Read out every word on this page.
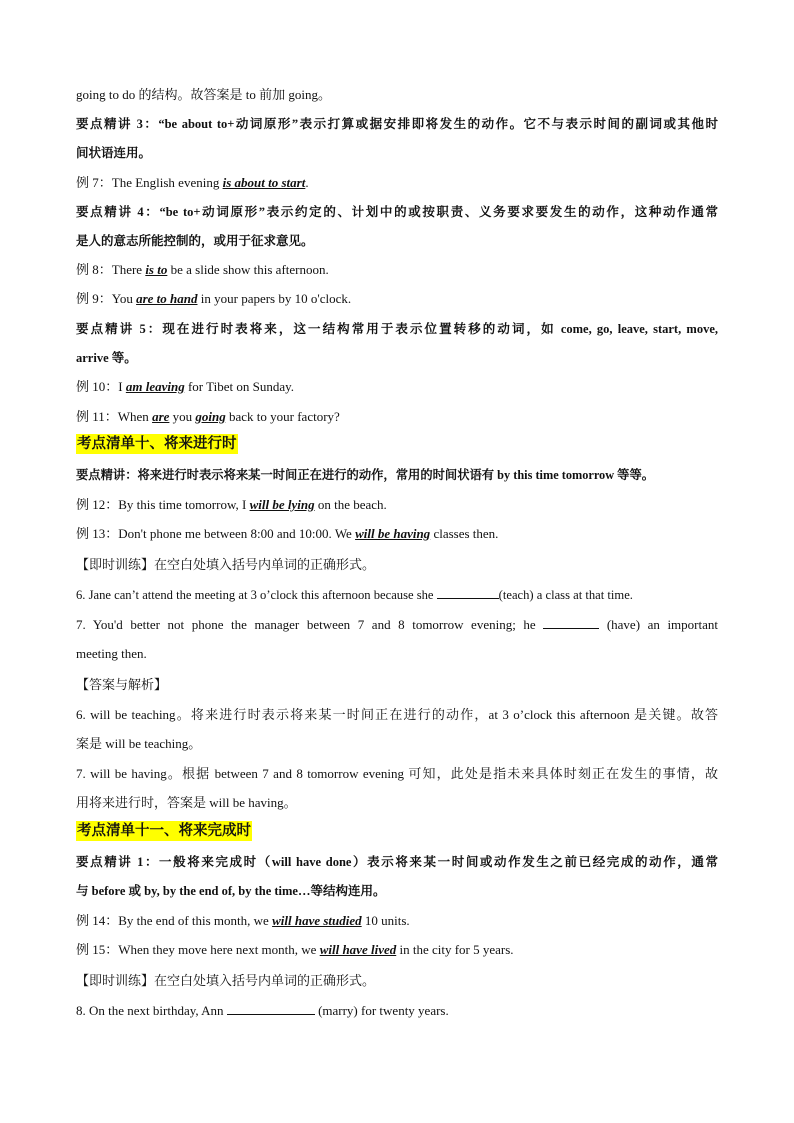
going to do 的结构。故答案是 to 前加 going。
要点精讲 3：“be about to+动词原形”表示打算或据安排即将发生的动作。它不与表示时间的副词或其他时
间状语连用。
例 7：The English evening is about to start.
要点精讲 4：“be to+动词原形”表示约定的、计划中的或按职责、义务要求要发生的动作，这种动作通常
是人的意志所能控制的，或用于征求意见。
例 8：There is to be a slide show this afternoon.
例 9：You are to hand in your papers by 10 o'clock.
要点精讲 5：现在进行时表将来，这一结构常用于表示位置转移的动词，如 come, go, leave, start, move,
arrive 等。
例 10：I am leaving for Tibet on Sunday.
例 11：When are you going back to your factory?
考点清单十、将来进行时
要点精讲：将来进行时表示将来某一时间正在进行的动作，常用的时间状语有 by this time tomorrow 等等。
例 12：By this time tomorrow, I will be lying on the beach.
例 13：Don't phone me between 8:00 and 10:00. We will be having classes then.
【即时训练】在空白处填入括号内单词的正确形式。
6. Jane can’t attend the meeting at 3 o’clock this afternoon because she	(teach) a class at that time.
7. You'd better not phone the manager between 7 and 8 tomorrow evening; he	(have) an important
meeting then.
【答案与解析】
6. will be teaching。将来进行时表示将来某一时间正在进行的动作，at 3 o’clock this afternoon 是关键。故答
案是 will be teaching。
7. will be having。根据 between 7 and 8 tomorrow evening 可知，此处是指未来具体时刻正在发生的事情，故
用将来进行时，答案是 will be having。
考点清单十一、将来完成时
要点精讲 1：一般将来完成时（will have done）表示将来某一时间或动作发生之前已经完成的动作，通常
与 before 或 by, by the end of, by the time…等结构连用。
例 14：By the end of this month, we will have studied 10 units.
例 15：When they move here next month, we will have lived in the city for 5 years.
【即时训练】在空白处填入括号内单词的正确形式。
8. On the next birthday, Ann	(marry) for twenty years.
